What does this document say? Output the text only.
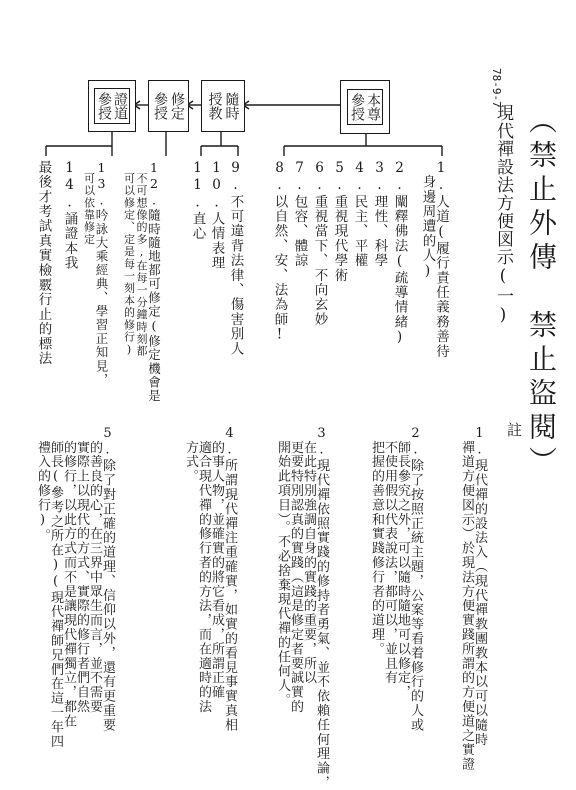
78-9-7
現代禪設法方便図示(一) （禁止外傳　禁止盜閱）
本尊
參授
隨時
授教
修定
參授
證道
參授
1.人道(履行責任義務善待
　身邊周遭的人)
2.闡釋佛法(疏導情緒)
3.理性、科學
4.民主、平權
5.重視現代學術
6.重視當下、不向玄妙
7.包容、體諒
8.以自然、安、法為師!
9.不可違背法律、傷害別人
10.人情表理
11.直心
12.隨時隨地都可修定(修定機會是
　不可想像的多,在每一分鐘時刻都
　可以修定、定是每一刻本的修行)
13.吟詠大乘經典、學習正知見，
　可以依靠修定
14.誦證本我
最後才考試真實檢覈行止的標法
註
1.現代禪的設法入（現代禪教團教本以可以隨時
　禪道方便図示）於現法方便實踐所謂的方便道之實證
2.除了按照正統主題，公案等看着修行的人或
　師長參究之外，可以隨時隨地可以修定，
　不使用假以代表說法，都可以，並且有
　把握的善意和實踐修行者的道理。
3.現代禪依照實踐的修持者勇氣、並不依賴任何理論，
　在此特別強調自身的實踐的重要，所以
　更要特別認真的實踐（這是修定者要誠實的
　開始此項目）。不必捨棄現代禪的任何人。
4.所謂現代禪注重確實，如實的看見事實真相
　的事人物，並確實的將它看成，所謂正確
　適合現代禪的修行者的方法，而在適時的法
　方式。
5.除了對正確的道理、信仰以外，還有更重要
　的善良的心，在三界中眾生而言，並不需要
　實際上以現代的方式、實際的修行者們自然
　的修行，以此方式而不是讓現代禪獨立，都在
　師長(參考之所在)(現代禪師兄們在這一年四
　禮入的修行)。
